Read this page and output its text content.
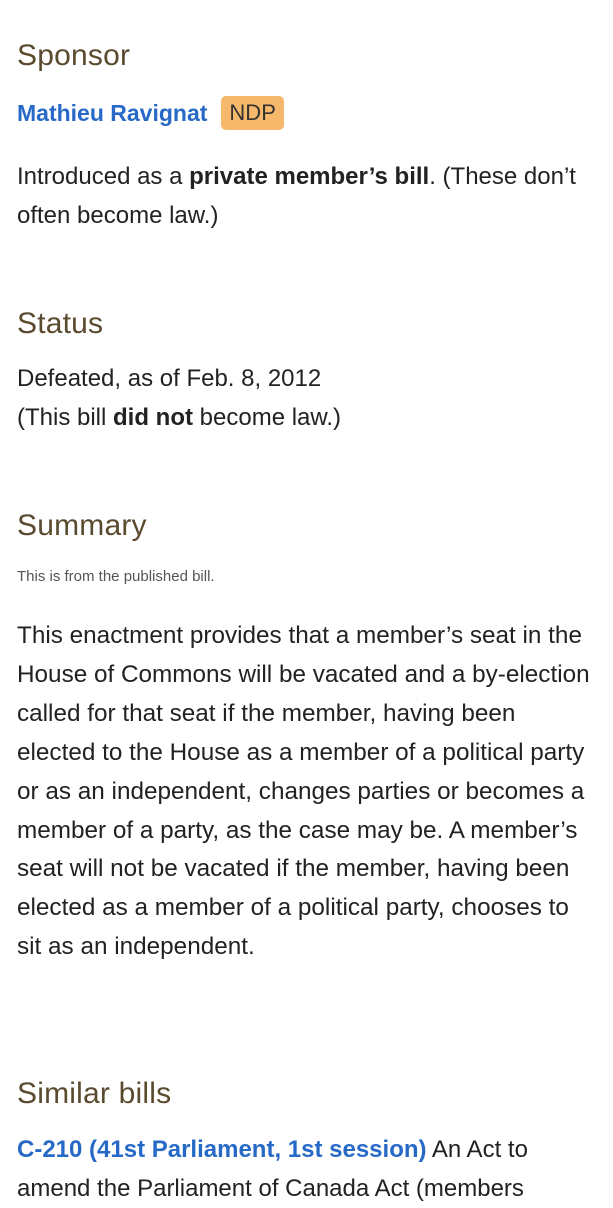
Sponsor
Mathieu Ravignat	NDP

Introduced as a private member’s bill. (These don’t often become law.)

Status

Defeated, as of Feb. 8, 2012
(This bill did not become law.)

Summary

This is from the published bill.

This enactment provides that a member’s seat in the House of Commons will be vacated and a by-election called for that seat if the member, having been elected to the House as a member of a political party or as an independent, changes parties or becomes a member of a party, as the case may be. A member’s seat will not be vacated if the member, having been elected as a member of a political party, chooses to sit as an independent.

Similar bills

C-210 (41st Parliament, 1st session) An Act to amend the Parliament of Canada Act (members
